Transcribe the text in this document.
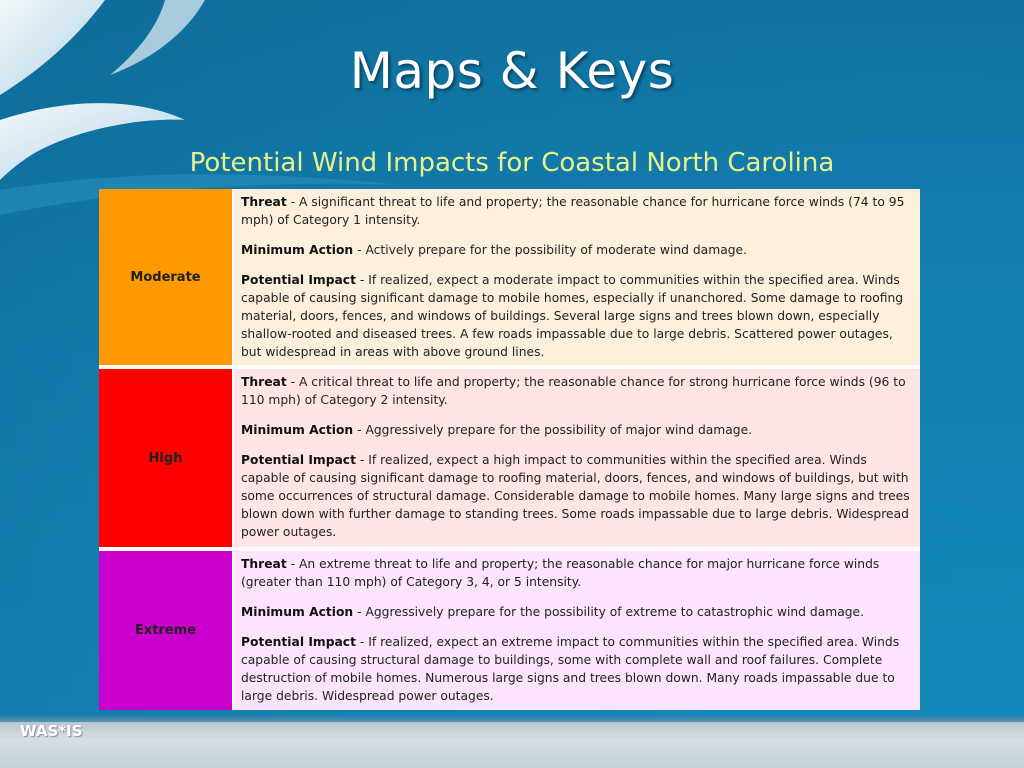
Maps & Keys
Potential Wind Impacts for Coastal North Carolina
Moderate

Threat - A significant threat to life and property; the reasonable chance for hurricane force winds (74 to 95 mph) of Category 1 intensity.

Minimum Action - Actively prepare for the possibility of moderate wind damage.

Potential Impact - If realized, expect a moderate impact to communities within the specified area. Winds capable of causing significant damage to mobile homes, especially if unanchored. Some damage to roofing material, doors, fences, and windows of buildings. Several large signs and trees blown down, especially shallow-rooted and diseased trees. A few roads impassable due to large debris. Scattered power outages, but widespread in areas with above ground lines.

High

Threat - A critical threat to life and property; the reasonable chance for strong hurricane force winds (96 to 110 mph) of Category 2 intensity.

Minimum Action - Aggressively prepare for the possibility of major wind damage.

Potential Impact - If realized, expect a high impact to communities within the specified area. Winds capable of causing significant damage to roofing material, doors, fences, and windows of buildings, but with some occurrences of structural damage. Considerable damage to mobile homes. Many large signs and trees blown down with further damage to standing trees. Some roads impassable due to large debris. Widespread power outages.

Extreme

Threat - An extreme threat to life and property; the reasonable chance for major hurricane force winds (greater than 110 mph) of Category 3, 4, or 5 intensity.

Minimum Action - Aggressively prepare for the possibility of extreme to catastrophic wind damage.

Potential Impact - If realized, expect an extreme impact to communities within the specified area. Winds capable of causing structural damage to buildings, some with complete wall and roof failures. Complete destruction of mobile homes. Numerous large signs and trees blown down. Many roads impassable due to large debris. Widespread power outages.

WAS*IS
